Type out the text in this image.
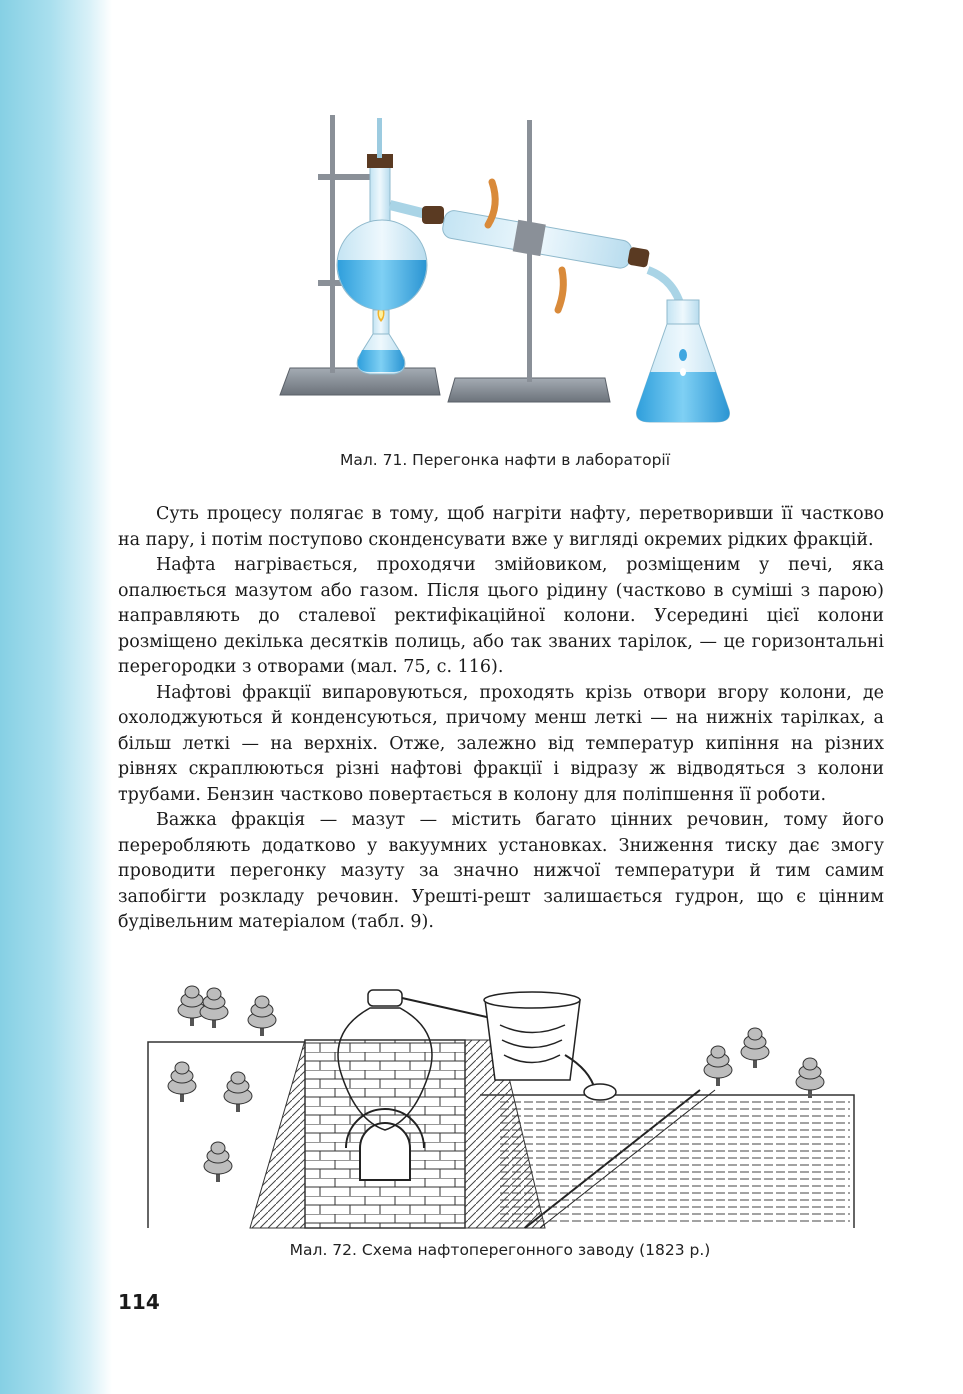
Мал. 71. Перегонка нафти в лабораторії

Суть процесу полягає в тому, щоб нагріти нафту, перетворивши її частково на пару, і потім поступово сконденсувати вже у вигляді окремих рідких фракцій.

Нафта нагрівається, проходячи змійовиком, розміщеним у печі, яка опалюється мазутом або газом. Після цього рідину (частково в суміші з парою) направляють до сталевої ректифікаційної колони. Усередині цієї колони розміщено декілька десятків полиць, або так званих тарілок, — це горизонтальні перегородки з отворами (мал. 75, с. 116).

Нафтові фракції випаровуються, проходять крізь отвори вгору колони, де охолоджуються й конденсуються, причому менш леткі — на нижніх тарілках, а більш леткі — на верхніх. Отже, залежно від температур кипіння на різних рівнях скраплюються різні нафтові фракції і відразу ж відводяться з колони трубами. Бензин частково повертається в колону для поліпшення її роботи.

Важка фракція — мазут — містить багато цінних речовин, тому його переробляють додатково у вакуумних установках. Зниження тиску дає змогу проводити перегонку мазуту за значно нижчої температури й тим самим запобігти розкладу речовин. Урешті-решт залишається гудрон, що є цінним будівельним матеріалом (табл. 9).

Мал. 72. Схема нафтоперегонного заводу (1823 р.)
114
